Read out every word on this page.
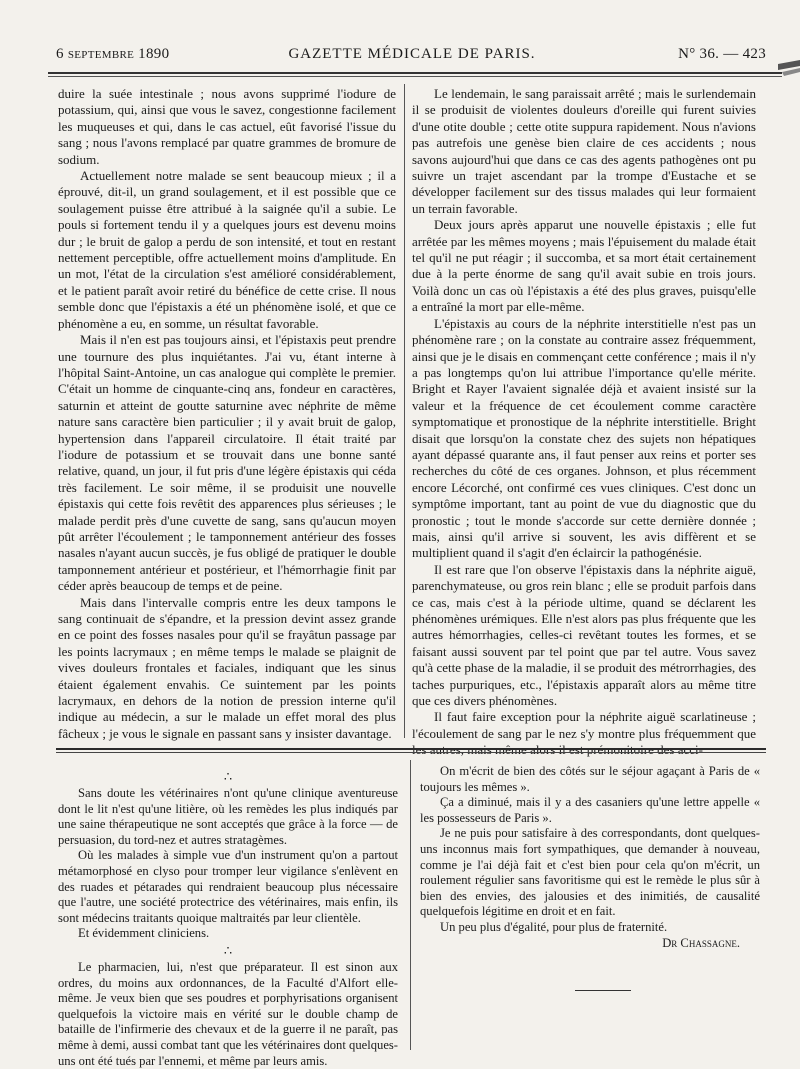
6 septembre 1890	GAZETTE MÉDICALE DE PARIS.	N° 36. — 423

duire la suée intestinale ; nous avons supprimé l'iodure de potassium, qui, ainsi que vous le savez, congestionne facilement les muqueuses et qui, dans le cas actuel, eût favorisé l'issue du sang ; nous l'avons remplacé par quatre grammes de bromure de sodium.

Actuellement notre malade se sent beaucoup mieux ; il a éprouvé, dit-il, un grand soulagement, et il est possible que ce soulagement puisse être attribué à la saignée qu'il a subie. Le pouls si fortement tendu il y a quelques jours est devenu moins dur ; le bruit de galop a perdu de son intensité, et tout en restant nettement perceptible, offre actuellement moins d'amplitude. En un mot, l'état de la circulation s'est amélioré considérablement, et le patient paraît avoir retiré du bénéfice de cette crise. Il nous semble donc que l'épistaxis a été un phénomène isolé, et que ce phénomène a eu, en somme, un résultat favorable.

Mais il n'en est pas toujours ainsi, et l'épistaxis peut prendre une tournure des plus inquiétantes. J'ai vu, étant interne à l'hôpital Saint-Antoine, un cas analogue qui complète le premier. C'était un homme de cinquante-cinq ans, fondeur en caractères, saturnin et atteint de goutte saturnine avec néphrite de même nature sans caractère bien particulier ; il y avait bruit de galop, hypertension dans l'appareil circulatoire. Il était traité par l'iodure de potassium et se trouvait dans une bonne santé relative, quand, un jour, il fut pris d'une légère épistaxis qui céda très facilement. Le soir même, il se produisit une nouvelle épistaxis qui cette fois revêtit des apparences plus sérieuses ; le malade perdit près d'une cuvette de sang, sans qu'aucun moyen pût arrêter l'écoulement ; le tamponnement antérieur des fosses nasales n'ayant aucun succès, je fus obligé de pratiquer le double tamponnement antérieur et postérieur, et l'hémorrhagie finit par céder après beaucoup de temps et de peine.

Mais dans l'intervalle compris entre les deux tampons le sang continuait de s'épandre, et la pression devint assez grande en ce point des fosses nasales pour qu'il se frayâtun passage par les points lacrymaux ; en même temps le malade se plaignit de vives douleurs frontales et faciales, indiquant que les sinus étaient également envahis. Ce suintement par les points lacrymaux, en dehors de la notion de pression interne qu'il indique au médecin, a sur le malade un effet moral des plus fâcheux ; je vous le signale en passant sans y insister davantage.

Le lendemain, le sang paraissait arrêté ; mais le surlendemain il se produisit de violentes douleurs d'oreille qui furent suivies d'une otite double ; cette otite suppura rapidement. Nous n'avions pas autrefois une genèse bien claire de ces accidents ; nous savons aujourd'hui que dans ce cas des agents pathogènes ont pu suivre un trajet ascendant par la trompe d'Eustache et se développer facilement sur des tissus malades qui leur formaient un terrain favorable.

Deux jours après apparut une nouvelle épistaxis ; elle fut arrêtée par les mêmes moyens ; mais l'épuisement du malade était tel qu'il ne put réagir ; il succomba, et sa mort était certainement due à la perte énorme de sang qu'il avait subie en trois jours. Voilà donc un cas où l'épistaxis a été des plus graves, puisqu'elle a entraîné la mort par elle-même.

L'épistaxis au cours de la néphrite interstitielle n'est pas un phénomène rare ; on la constate au contraire assez fréquemment, ainsi que je le disais en commençant cette conférence ; mais il n'y a pas longtemps qu'on lui attribue l'importance qu'elle mérite. Bright et Rayer l'avaient signalée déjà et avaient insisté sur la valeur et la fréquence de cet écoulement comme caractère symptomatique et pronostique de la néphrite interstitielle. Bright disait que lorsqu'on la constate chez des sujets non hépatiques ayant dépassé quarante ans, il faut penser aux reins et porter ses recherches du côté de ces organes. Johnson, et plus récemment encore Lécorché, ont confirmé ces vues cliniques. C'est donc un symptôme important, tant au point de vue du diagnostic que du pronostic ; tout le monde s'accorde sur cette dernière donnée ; mais, ainsi qu'il arrive si souvent, les avis diffèrent et se multiplient quand il s'agit d'en éclaircir la pathogénésie.

Il est rare que l'on observe l'épistaxis dans la néphrite aiguë, parenchymateuse, ou gros rein blanc ; elle se produit parfois dans ce cas, mais c'est à la période ultime, quand se déclarent les phénomènes urémiques. Elle n'est alors pas plus fréquente que les autres hémorrhagies, celles-ci revêtant toutes les formes, et se faisant aussi souvent par tel point que par tel autre. Vous savez qu'à cette phase de la maladie, il se produit des métrorrhagies, des taches purpuriques, etc., l'épistaxis apparaît alors au même titre que ces divers phénomènes.

Il faut faire exception pour la néphrite aiguë scarlatineuse ; l'écoulement de sang par le nez s'y montre plus fréquemment que les autres, mais même alors il est prémonitoire des acci-

∴

Sans doute les vétérinaires n'ont qu'une clinique aventureuse dont le lit n'est qu'une litière, où les remèdes les plus indiqués par une saine thérapeutique ne sont acceptés que grâce à la force — de persuasion, du tord-nez et autres stratagèmes.

Où les malades à simple vue d'un instrument qu'on a partout métamorphosé en clyso pour tromper leur vigilance s'enlèvent en des ruades et pétarades qui rendraient beaucoup plus nécessaire que l'autre, une société protectrice des vétérinaires, mais enfin, ils sont médecins traitants quoique maltraités par leur clientèle.

Et évidemment cliniciens.

∴

Le pharmacien, lui, n'est que préparateur. Il est sinon aux ordres, du moins aux ordonnances, de la Faculté d'Alfort elle-même. Je veux bien que ses poudres et porphyrisations organisent quelquefois la victoire mais en vérité sur le double champ de bataille de l'infirmerie des chevaux et de la guerre il ne paraît, pas même à demi, aussi combat tant que les vétérinaires dont quelques-uns ont été tués par l'ennemi, et même par leurs amis.

On m'écrit de bien des côtés sur le séjour agaçant à Paris de « toujours les mêmes ».

Ça a diminué, mais il y a des casaniers qu'une lettre appelle « les possesseurs de Paris ».

Je ne puis pour satisfaire à des correspondants, dont quelques-uns inconnus mais fort sympathiques, que demander à nouveau, comme je l'ai déjà fait et c'est bien pour cela qu'on m'écrit, un roulement régulier sans favoritisme qui est le remède le plus sûr à bien des envies, des jalousies et des inimitiés, de causalité quelquefois légitime en droit et en fait.

Un peu plus d'égalité, pour plus de fraternité.

Dr Chassagne.
